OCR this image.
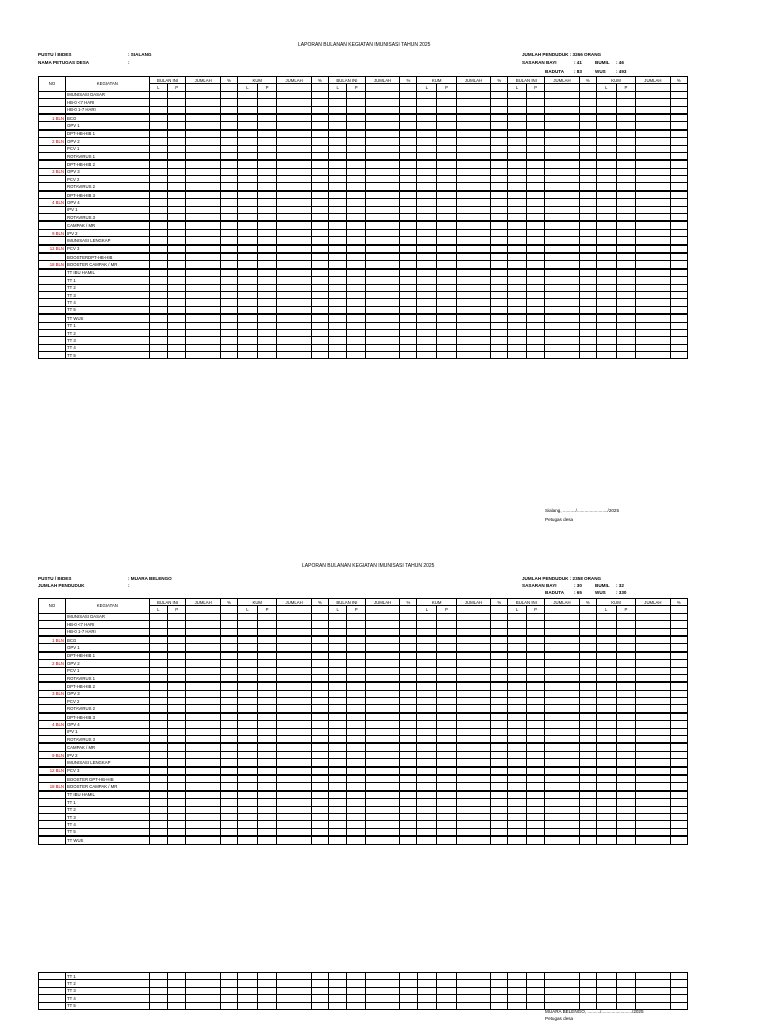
LAPORAN BULANAN KEGIATAN IMUNISASI TAHUN 2025
PUSTU / BIDES	: SIALANG
NAMA PETUGAS DESA	:
JUMLAH PENDUDUK : 3266 ORANG
SASARAN BAYI	: 41	BUMIL : 46
BADUTA : 83	WUS : 493
NO	KEGIATAN	BULAN INI		JUMLAH	%	KUM		JUMLAH	%	BULAN INI		JUMLAH	%	KUM		JUMLAH	%	BULAN INI		JUMLAH	%	KUM		JUMLAH	%
		L	P			L	P			L	P			L	P			L	P			L	P		
	IMUNISASI DASAR																								
	HB-0 <7 HARI																								
	HB-0 1-7 HARI																								
1 BLN	BCG																								
	OPV 1																								
	DPT-HB-HIB 1																								
2 BLN	OPV 2																								
	PCV 1																								
	ROTAVIRUS 1																								
	DPT-HB-HIB 2																								
3 BLN	OPV 3																								
	PCV 2																								
	ROTAVIRUS 2																								
	DPT-HB-HIB 3																								
4 BLN	OPV 4																								
	IPV 1																								
	ROTAVIRUS 3																								
	CAMPAK / MR																								
9 BLN	IPV 2																								
	IMUNISASI LENGKAP																								
12 BLN	PCV 3																								
	BOOSTERDPT-HB-HIB																								
18 BLN	BOOSTER CAMPAK / MR																								
	TT IBU HAMIL																								
	TT 1																								
	TT 2																								
	TT 3																								
	TT 4																								
	TT 5																								
	TT WUS																								
	TT 1																								
	TT 2																								
	TT 3																								
	TT 4																								
	TT 5																								
Sialang, ........../......................../2025
Petugas desa
LAPORAN BULANAN KEGIATAN IMUNISASI TAHUN 2025
PUSTU / BIDES	: MUARA BELENGO
JUMLAH PENDUDUK	:
JUMLAH PENDUDUK : 2358 ORANG
SASARAN BAYI	: 30	BUMIL : 32
BADUTA : 65	WUS : 330
NO	KEGIATAN	BULAN INI		JUMLAH	%	KUM		JUMLAH	%	BULAN INI		JUMLAH	%	KUM		JUMLAH	%	BULAN INI		JUMLAH	%	KUM		JUMLAH	%
		L	P			L	P			L	P			L	P			L	P			L	P		
	IMUNISASI DASAR																								
	HB-0 <7 HARI																								
	HB-0 1-7 HARI																								
1 BLN	BCG																								
	OPV 1																								
	DPT-HB-HIB 1																								
2 BLN	OPV 2																								
	PCV 1																								
	ROTAVIRUS 1																								
	DPT-HB-HIB 2																								
3 BLN	OPV 3																								
	PCV 2																								
	ROTAVIRUS 2																								
	DPT-HB-HIB 3																								
4 BLN	OPV 4																								
	IPV 1																								
	ROTAVIRUS 3																								
	CAMPAK / MR																								
9 BLN	IPV 2																								
	IMUNISASI LENGKAP																								
12 BLN	PCV 3																								
	BOOSTER DPT-HB-HIB																								
18 BLN	BOOSTER CAMPAK / MR																								
	TT IBU HAMIL																								
	TT 1																								
	TT 2																								
	TT 3																								
	TT 4																								
	TT 5																								
	TT WUS																								
	TT 1																								
	TT 2																								
	TT 3																								
	TT 4																								
	TT 5																								
MUARA BELENGO, ........../......................../2025
Petugas desa
